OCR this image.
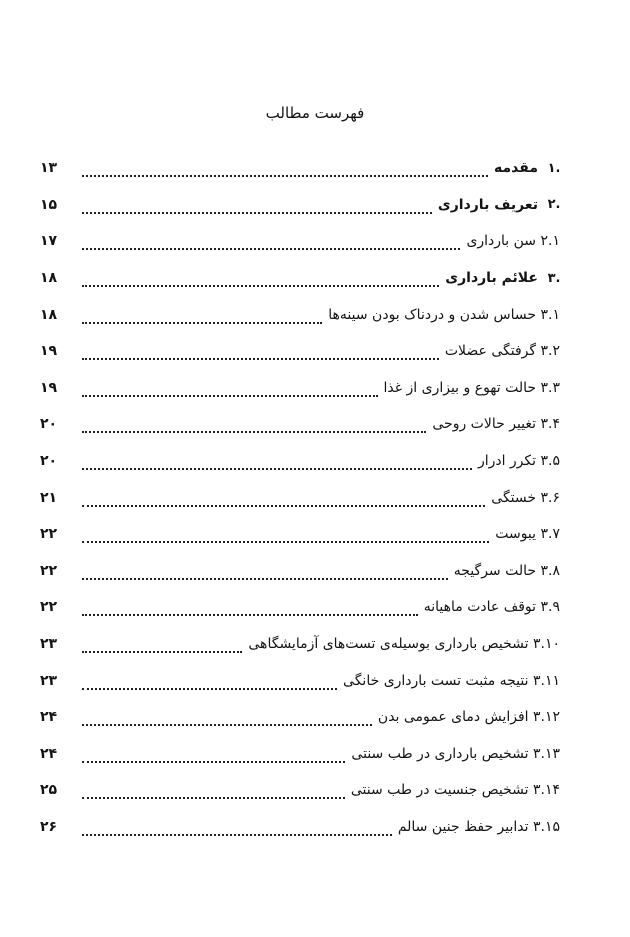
فهرست مطالب
۱.
مقدمه
۱۳
۲.
تعریف بارداری
۱۵
۲.۱ سن بارداری
۱۷
۳.
علائم بارداری
۱۸
۳.۱ حساس شدن و دردناک بودن سینه‌ها
۱۸
۳.۲ گرفتگی عضلات
۱۹
۳.۳ حالت تهوع و بیزاری از غذا
۱۹
۳.۴ تغییر حالات روحی
۲۰
۳.۵ تکرر ادرار
۲۰
۳.۶ خستگی
۲۱
۳.۷ یبوست
۲۲
۳.۸ حالت سرگیجه
۲۲
۳.۹ توقف عادت ماهیانه
۲۲
۳.۱۰ تشخیص بارداری بوسیله‌ی تست‌های آزمایشگاهی
۲۳
۳.۱۱ نتیجه مثبت تست بارداری خانگی
۲۳
۳.۱۲ افزایش دمای عمومی بدن
۲۴
۳.۱۳ تشخیص بارداری در طب سنتی
۲۴
۳.۱۴ تشخیص جنسیت در طب سنتی
۲۵
۳.۱۵ تدابیر حفظ جنین سالم
۲۶
